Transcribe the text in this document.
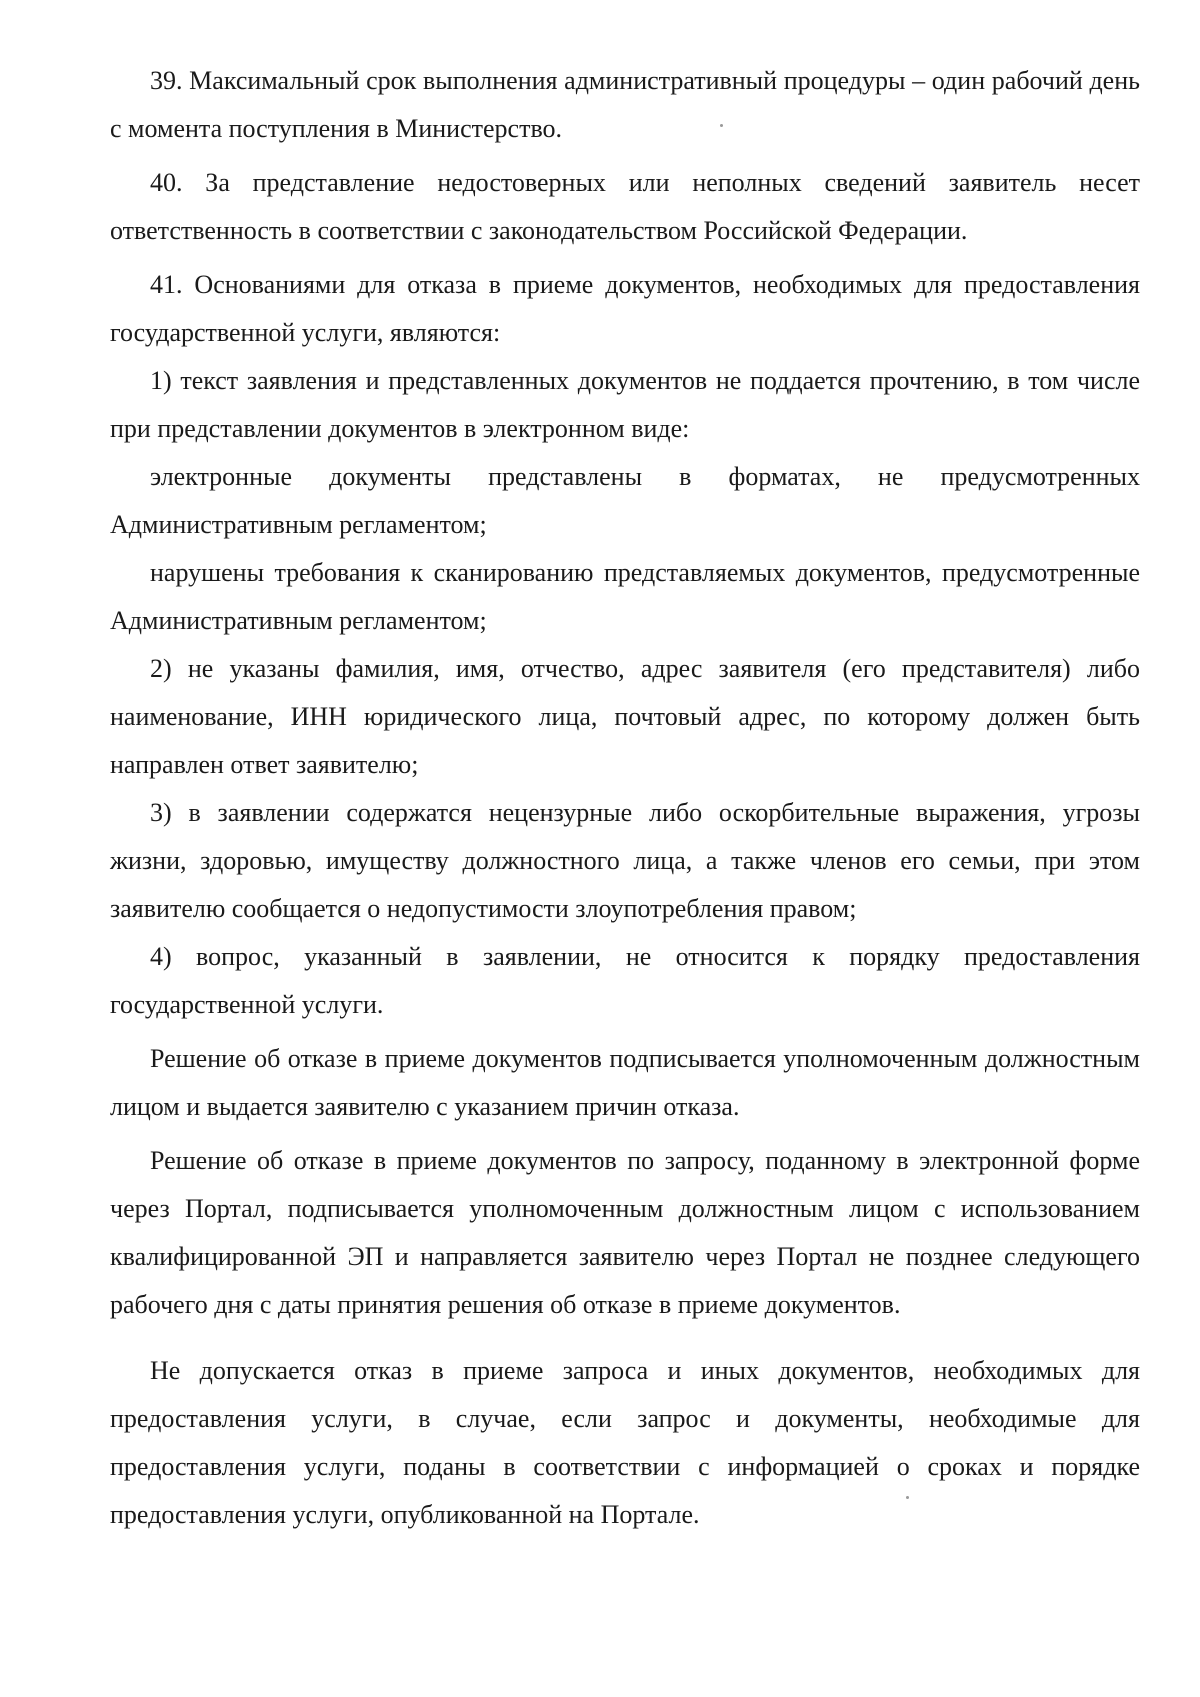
39. Максимальный срок выполнения административный процедуры – один рабочий день с момента поступления в Министерство.

40. За представление недостоверных или неполных сведений заявитель несет ответственность в соответствии с законодательством Российской Федерации.

41. Основаниями для отказа в приеме документов, необходимых для предоставления государственной услуги, являются:

1) текст заявления и представленных документов не поддается прочтению, в том числе при представлении документов в электронном виде:

электронные документы представлены в форматах, не предусмотренных Административным регламентом;

нарушены требования к сканированию представляемых документов, предусмотренные Административным регламентом;

2) не указаны фамилия, имя, отчество, адрес заявителя (его представителя) либо наименование, ИНН юридического лица, почтовый адрес, по которому должен быть направлен ответ заявителю;

3) в заявлении содержатся нецензурные либо оскорбительные выражения, угрозы жизни, здоровью, имуществу должностного лица, а также членов его семьи, при этом заявителю сообщается о недопустимости злоупотребления правом;

4) вопрос, указанный в заявлении, не относится к порядку предоставления государственной услуги.

Решение об отказе в приеме документов подписывается уполномоченным должностным лицом и выдается заявителю с указанием причин отказа.

Решение об отказе в приеме документов по запросу, поданному в электронной форме через Портал, подписывается уполномоченным должностным лицом с использованием квалифицированной ЭП и направляется заявителю через Портал не позднее следующего рабочего дня с даты принятия решения об отказе в приеме документов.

Не допускается отказ в приеме запроса и иных документов, необходимых для предоставления услуги, в случае, если запрос и документы, необходимые для предоставления услуги, поданы в соответствии с информацией о сроках и порядке предоставления услуги, опубликованной на Портале.
